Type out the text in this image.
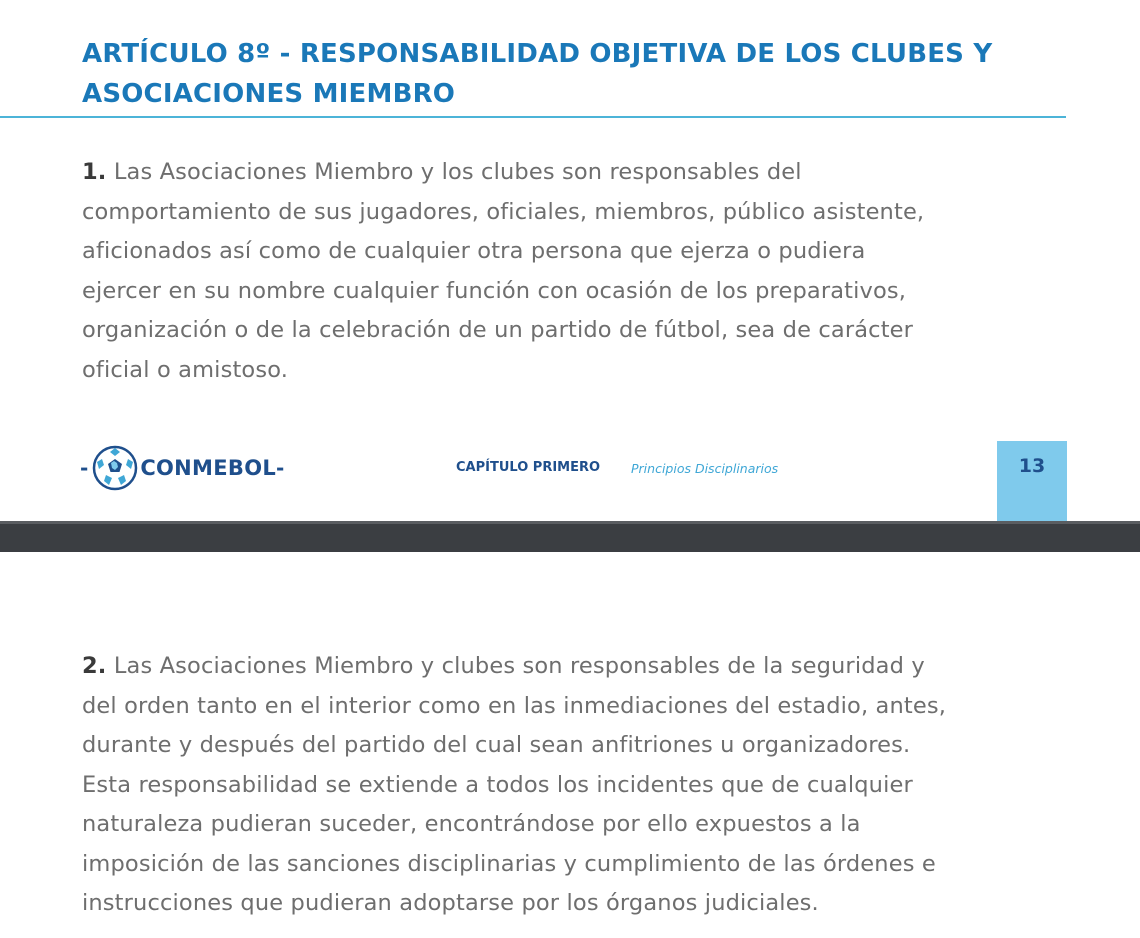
ARTÍCULO 8º - RESPONSABILIDAD OBJETIVA DE LOS CLUBES Y
ASOCIACIONES MIEMBRO

1. Las Asociaciones Miembro y los clubes son responsables del
comportamiento de sus jugadores, oficiales, miembros, público asistente,
aficionados así como de cualquier otra persona que ejerza o pudiera
ejercer en su nombre cualquier función con ocasión de los preparativos,
organización o de la celebración de un partido de fútbol, sea de carácter
oficial o amistoso.

- CONMEBOL -	CAPÍTULO PRIMERO Principios Disciplinarios	13

2. Las Asociaciones Miembro y clubes son responsables de la seguridad y
del orden tanto en el interior como en las inmediaciones del estadio, antes,
durante y después del partido del cual sean anfitriones u organizadores.
Esta responsabilidad se extiende a todos los incidentes que de cualquier
naturaleza pudieran suceder, encontrándose por ello expuestos a la
imposición de las sanciones disciplinarias y cumplimiento de las órdenes e
instrucciones que pudieran adoptarse por los órganos judiciales.
